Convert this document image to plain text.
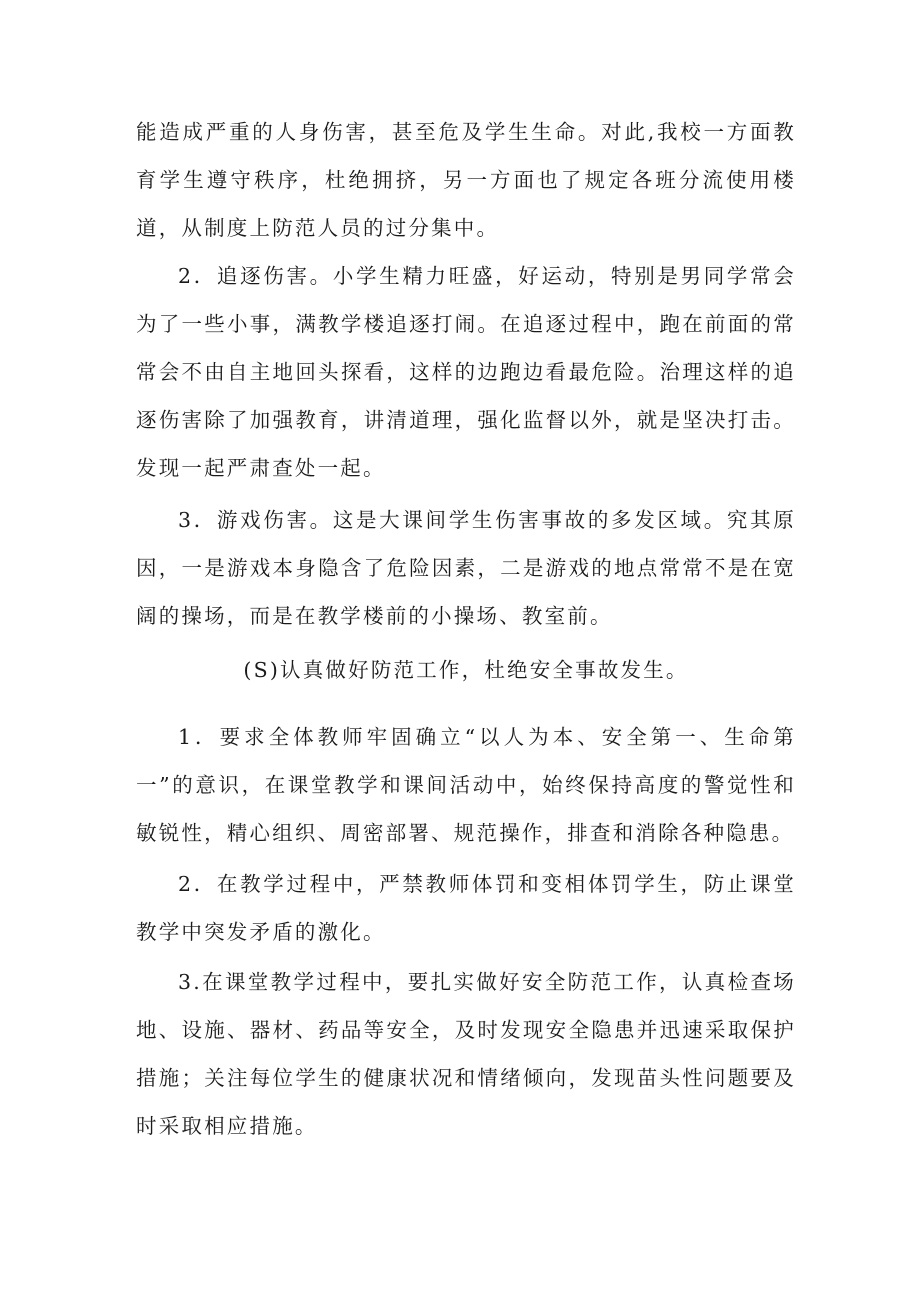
能造成严重的人身伤害，甚至危及学生生命。对此,我校一方面教育学生遵守秩序，杜绝拥挤，另一方面也了规定各班分流使用楼道，从制度上防范人员的过分集中。

2．追逐伤害。小学生精力旺盛，好运动，特别是男同学常会为了一些小事，满教学楼追逐打闹。在追逐过程中，跑在前面的常常会不由自主地回头探看，这样的边跑边看最危险。治理这样的追逐伤害除了加强教育，讲清道理，强化监督以外，就是坚决打击。发现一起严肃查处一起。

3．游戏伤害。这是大课间学生伤害事故的多发区域。究其原因，一是游戏本身隐含了危险因素，二是游戏的地点常常不是在宽阔的操场，而是在教学楼前的小操场、教室前。

(S)认真做好防范工作，杜绝安全事故发生。

1．要求全体教师牢固确立“以人为本、安全第一、生命第一”的意识，在课堂教学和课间活动中，始终保持高度的警觉性和敏锐性，精心组织、周密部署、规范操作，排查和消除各种隐患。

2．在教学过程中，严禁教师体罚和变相体罚学生，防止课堂教学中突发矛盾的激化。

3.在课堂教学过程中，要扎实做好安全防范工作，认真检查场地、设施、器材、药品等安全，及时发现安全隐患并迅速采取保护措施；关注每位学生的健康状况和情绪倾向，发现苗头性问题要及时采取相应措施。
